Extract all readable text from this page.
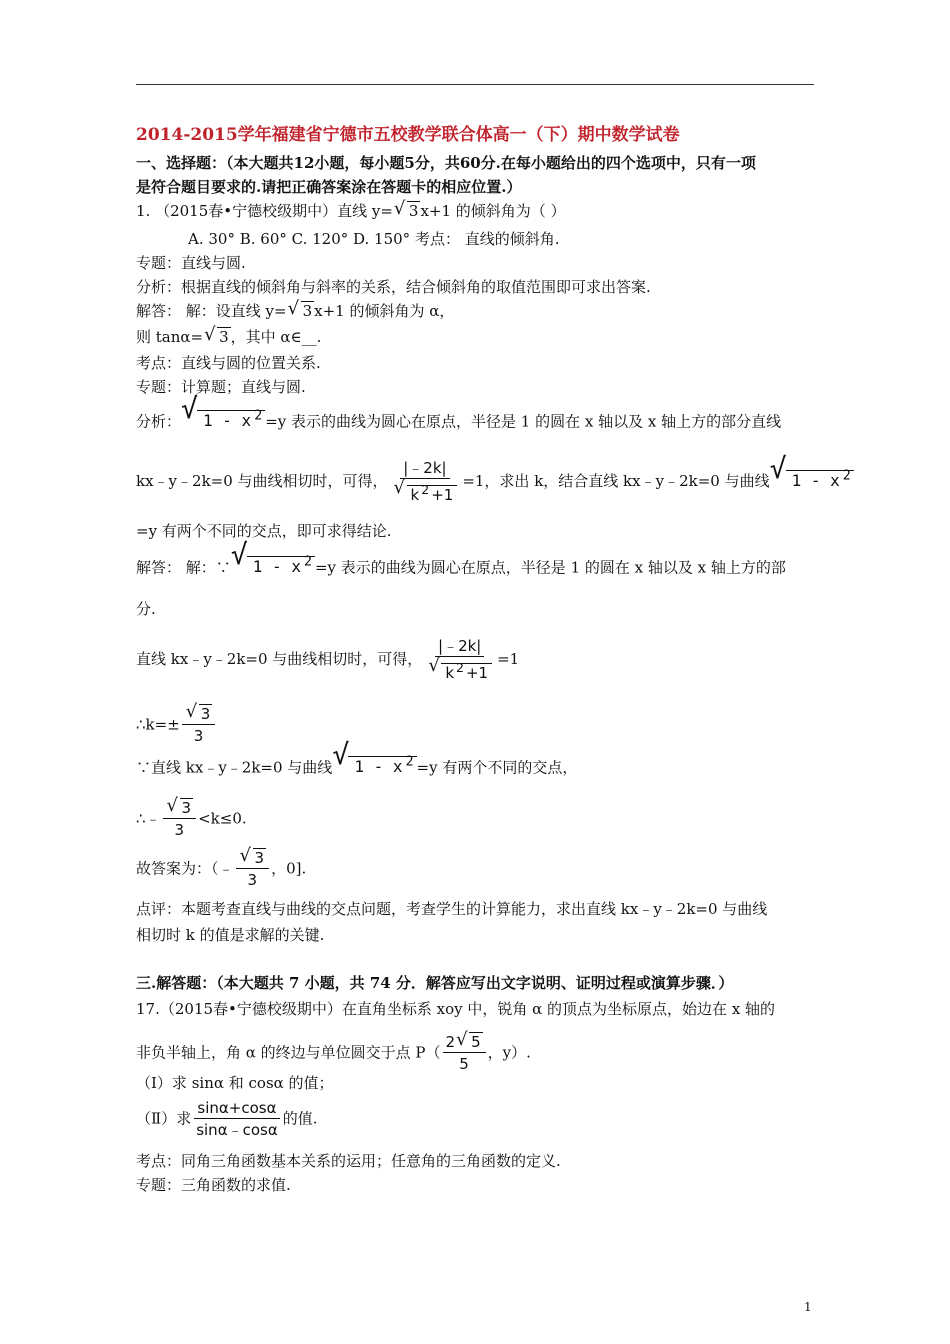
2014-2015学年福建省宁德市五校教学联合体高一（下）期中数学试卷
一、选择题：（本大题共12小题，每小题5分，共60分.在每小题给出的四个选项中，只有一项
是符合题目要求的.请把正确答案涂在答题卡的相应位置.）
1. （2015春•宁德校级期中）直线 y= √ 3 x+1 的倾斜角为（ ）
A. 30° B. 60° C. 120° D. 150° 考点： 直线的倾斜角.
专题：直线与圆.
分析：根据直线的倾斜角与斜率的关系，结合倾斜角的取值范围即可求出答案.
解答： 解：设直线 y= √ 3 x+1 的倾斜角为 α，
则 tanα= √ 3 ，其中 α∈__.
考点：直线与圆的位置关系.
专题：计算题；直线与圆.
分析： √ 1 - x $^2$ =y 表示的曲线为圆心在原点，半径是 1 的圆在 x 轴以及 x 轴上方的部分直线
kx﹣y﹣2k=0 与曲线相切时，可得， |﹣2k|
√ k $^2$ +1 =1，求出 k，结合直线 kx﹣y﹣2k=0 与曲线 √ 1 - x $^2$
=y 有两个不同的交点，即可求得结论.
解答： 解：∵ √ 1 - x $^2$ =y 表示的曲线为圆心在原点，半径是 1 的圆在 x 轴以及 x 轴上方的部
分.
直线 kx﹣y﹣2k=0 与曲线相切时，可得， |﹣2k|
√ k $^2$ +1 =1
∴k=± √ $\frac{3}{3}$
∵直线 kx﹣y﹣2k=0 与曲线 √ 1 - x $^2$ =y 有两个不同的交点，
∴﹣ √ $\frac{3}{3} <k\le 0$.
故答案为：（﹣ √ $\frac{3}{3}$ ，0].
点评：本题考查直线与曲线的交点问题，考查学生的计算能力，求出直线 kx﹣y﹣2k=0 与曲线
相切时 k 的值是求解的关键.
三.解答题：（本大题共 7 小题，共 74 分．解答应写出文字说明、证明过程或演算步骤．）
17.（2015春•宁德校级期中）在直角坐标系 xoy 中，锐角 α 的顶点为坐标原点，始边在 x 轴的
非负半轴上，角 α 的终边与单位圆交于点 $P( \frac{2 √ 5}{5}$ ，y）.
（Ⅰ）求 sinα 和 cosα 的值；
（Ⅱ）求 $\frac{\sin\alpha+\cos\alpha}{\sin\alpha﹣\cos\alpha}$ 的值.
考点：同角三角函数基本关系的运用；任意角的三角函数的定义.
专题：三角函数的求值.
1
